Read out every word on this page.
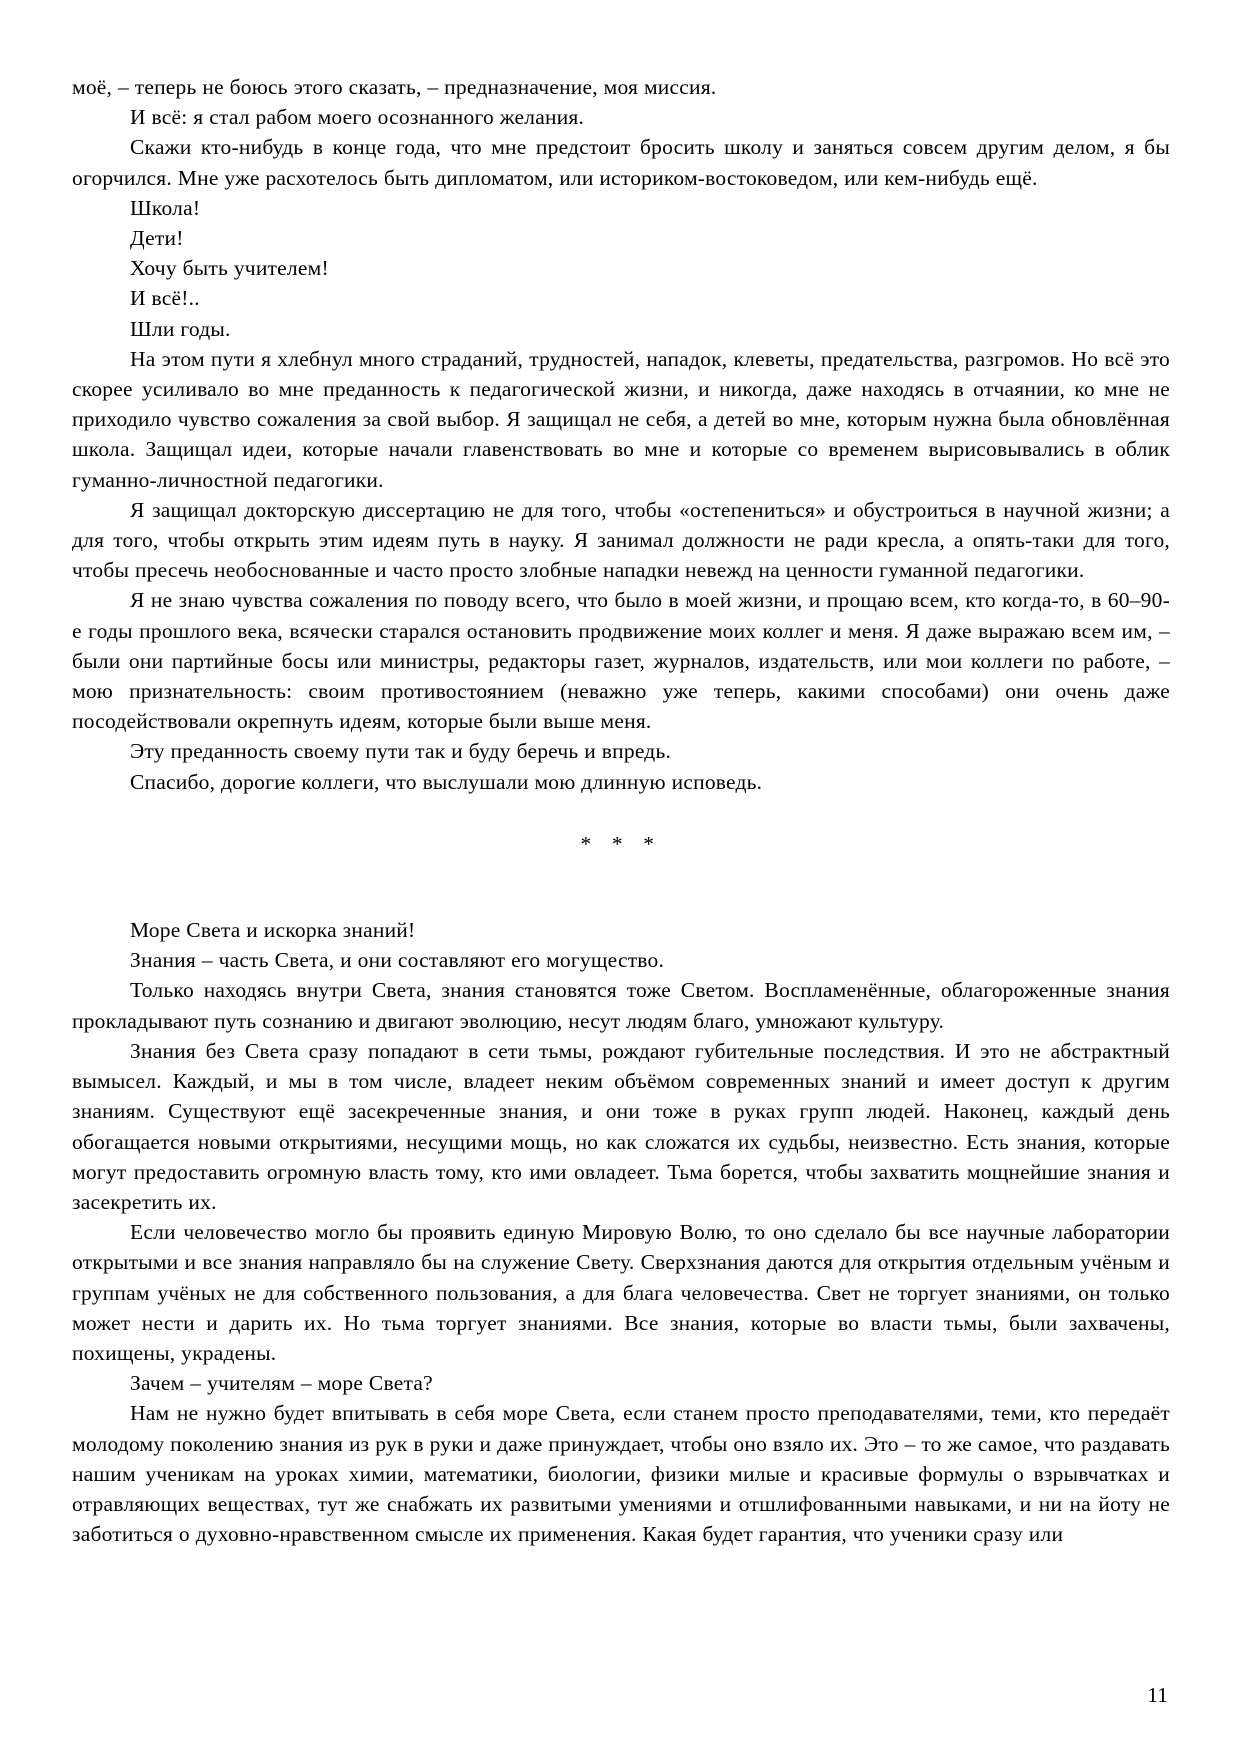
моё, – теперь не боюсь этого сказать, – предназначение, моя миссия.

И всё: я стал рабом моего осознанного желания.

Скажи кто-нибудь в конце года, что мне предстоит бросить школу и заняться совсем другим делом, я бы огорчился. Мне уже расхотелось быть дипломатом, или историком-востоковедом, или кем-нибудь ещё.

Школа!

Дети!

Хочу быть учителем!

И всё!..

Шли годы.

На этом пути я хлебнул много страданий, трудностей, нападок, клеветы, предательства, разгромов. Но всё это скорее усиливало во мне преданность к педагогической жизни, и никогда, даже находясь в отчаянии, ко мне не приходило чувство сожаления за свой выбор. Я защищал не себя, а детей во мне, которым нужна была обновлённая школа. Защищал идеи, которые начали главенствовать во мне и которые со временем вырисовывались в облик гуманно-личностной педагогики.

Я защищал докторскую диссертацию не для того, чтобы «остепениться» и обустроиться в научной жизни; а для того, чтобы открыть этим идеям путь в науку. Я занимал должности не ради кресла, а опять-таки для того, чтобы пресечь необоснованные и часто просто злобные нападки невежд на ценности гуманной педагогики.

Я не знаю чувства сожаления по поводу всего, что было в моей жизни, и прощаю всем, кто когда-то, в 60–90-е годы прошлого века, всячески старался остановить продвижение моих коллег и меня. Я даже выражаю всем им, – были они партийные босы или министры, редакторы газет, журналов, издательств, или мои коллеги по работе, – мою признательность: своим противостоянием (неважно уже теперь, какими способами) они очень даже посодействовали окрепнуть идеям, которые были выше меня.

Эту преданность своему пути так и буду беречь и впредь.

Спасибо, дорогие коллеги, что выслушали мою длинную исповедь.

* * *

Море Света и искорка знаний!

Знания – часть Света, и они составляют его могущество.

Только находясь внутри Света, знания становятся тоже Светом. Воспламенённые, облагороженные знания прокладывают путь сознанию и двигают эволюцию, несут людям благо, умножают культуру.

Знания без Света сразу попадают в сети тьмы, рождают губительные последствия. И это не абстрактный вымысел. Каждый, и мы в том числе, владеет неким объёмом современных знаний и имеет доступ к другим знаниям. Существуют ещё засекреченные знания, и они тоже в руках групп людей. Наконец, каждый день обогащается новыми открытиями, несущими мощь, но как сложатся их судьбы, неизвестно. Есть знания, которые могут предоставить огромную власть тому, кто ими овладеет. Тьма борется, чтобы захватить мощнейшие знания и засекретить их.

Если человечество могло бы проявить единую Мировую Волю, то оно сделало бы все научные лаборатории открытыми и все знания направляло бы на служение Свету. Сверхзнания даются для открытия отдельным учёным и группам учёных не для собственного пользования, а для блага человечества. Свет не торгует знаниями, он только может нести и дарить их. Но тьма торгует знаниями. Все знания, которые во власти тьмы, были захвачены, похищены, украдены.

Зачем – учителям – море Света?

Нам не нужно будет впитывать в себя море Света, если станем просто преподавателями, теми, кто передаёт молодому поколению знания из рук в руки и даже принуждает, чтобы оно взяло их. Это – то же самое, что раздавать нашим ученикам на уроках химии, математики, биологии, физики милые и красивые формулы о взрывчатках и отравляющих веществах, тут же снабжать их развитыми умениями и отшлифованными навыками, и ни на йоту не заботиться о духовно-нравственном смысле их применения. Какая будет гарантия, что ученики сразу или

11
